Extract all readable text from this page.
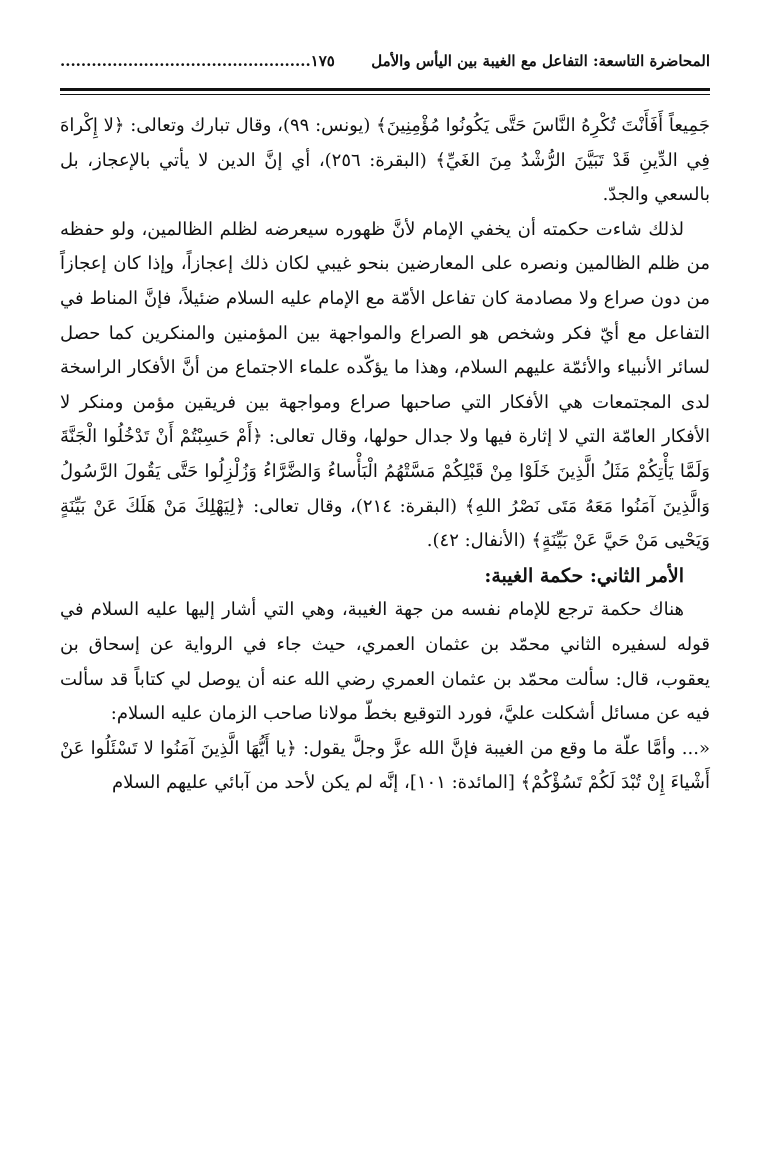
المحاضرة التاسعة: التفاعل مع الغيبة بين اليأس والأمل
١٧٥................................................

جَمِيعاً أَفَأَنْتَ تُكْرِهُ النَّاسَ حَتَّى يَكُونُوا مُؤْمِنِينَ﴾ (يونس: ٩٩)، وقال تبارك وتعالى: ﴿لا إِكْراهَ فِي الدِّينِ قَدْ تَبَيَّنَ الرُّشْدُ مِنَ الغَيِّ﴾ (البقرة: ٢٥٦)، أي إنَّ الدين لا يأتي بالإعجاز، بل بالسعي والجدّ.

لذلك شاءت حكمته أن يخفي الإمام لأنَّ ظهوره سيعرضه لظلم الظالمين، ولو حفظه من ظلم الظالمين ونصره على المعارضين بنحو غيبي لكان ذلك إعجازاً، وإذا كان إعجازاً من دون صراع ولا مصادمة كان تفاعل الأمّة مع الإمام عليه السلام ضئيلاً، فإنَّ المناط في التفاعل مع أيّ فكر وشخص هو الصراع والمواجهة بين المؤمنين والمنكرين كما حصل لسائر الأنبياء والأئمّة عليهم السلام، وهذا ما يؤكّده علماء الاجتماع من أنَّ الأفكار الراسخة لدى المجتمعات هي الأفكار التي صاحبها صراع ومواجهة بين فريقين مؤمن ومنكر لا الأفكار العامّة التي لا إثارة فيها ولا جدال حولها، وقال تعالى: ﴿أَمْ حَسِبْتُمْ أَنْ تَدْخُلُوا الْجَنَّةَ وَلَمَّا يَأْتِكُمْ مَثَلُ الَّذِينَ خَلَوْا مِنْ قَبْلِكُمْ مَسَّتْهُمُ الْبَأْساءُ وَالضَّرَّاءُ وَزُلْزِلُوا حَتَّى يَقُولَ الرَّسُولُ وَالَّذِينَ آمَنُوا مَعَهُ مَتَى نَصْرُ اللهِ﴾ (البقرة: ٢١٤)، وقال تعالى: ﴿لِيَهْلِكَ مَنْ هَلَكَ عَنْ بَيِّنَةٍ وَيَحْيى مَنْ حَيَّ عَنْ بَيِّنَةٍ﴾ (الأنفال: ٤٢).

الأمر الثاني: حكمة الغيبة:

هناك حكمة ترجع للإمام نفسه من جهة الغيبة، وهي التي أشار إليها عليه السلام في قوله لسفيره الثاني محمّد بن عثمان العمري، حيث جاء في الرواية عن إسحاق بن يعقوب، قال: سألت محمّد بن عثمان العمري رضي الله عنه أن يوصل لي كتاباً قد سألت فيه عن مسائل أشكلت عليَّ، فورد التوقيع بخطّ مولانا صاحب الزمان عليه السلام:

«... وأمَّا علّة ما وقع من الغيبة فإنَّ الله عزَّ وجلَّ يقول: ﴿يا أَيُّهَا الَّذِينَ آمَنُوا لا تَسْئَلُوا عَنْ أَشْياءَ إِنْ تُبْدَ لَكُمْ تَسُؤْكُمْ﴾ [المائدة: ١٠١]، إنَّه لم يكن لأحد من آبائي عليهم السلام
